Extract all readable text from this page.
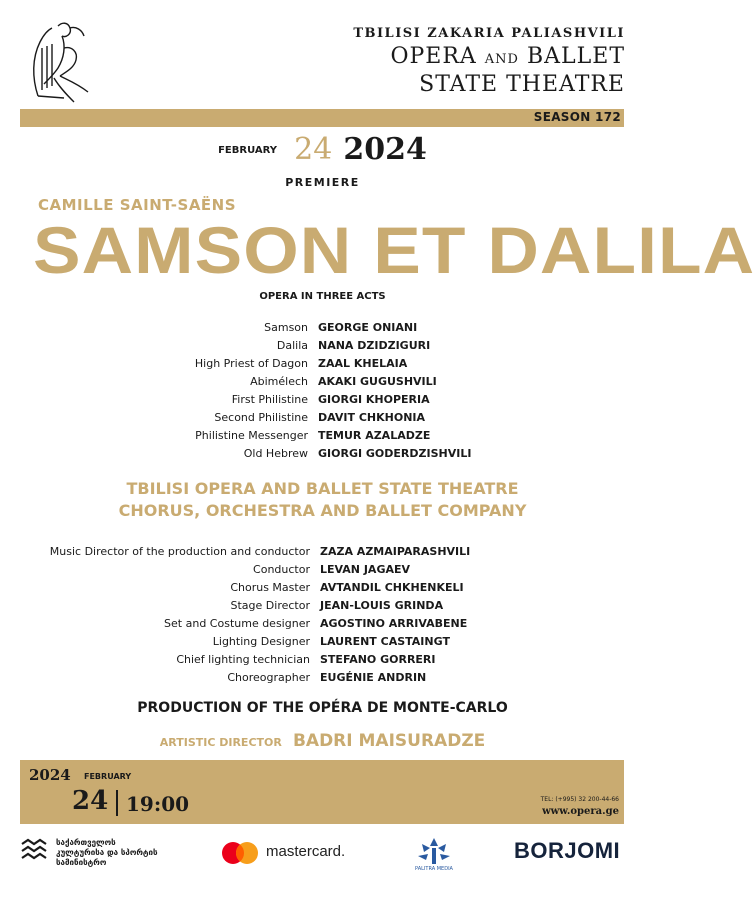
TBILISI ZAKARIA PALIASHVILI
OPERA AND BALLET
STATE THEATRE
SEASON 172
$^{FEBRUARY}$ 24 2024
PREMIERE
CAMILLE SAINT-SAËNS
SAMSON ET DALILA
OPERA IN THREE ACTS
Samson GEORGE ONIANI
Dalila NANA DZIDZIGURI
High Priest of Dagon ZAAL KHELAIA
Abimélech AKAKI GUGUSHVILI
First Philistine GIORGI KHOPERIA
Second Philistine DAVIT CHKHONIA
Philistine Messenger TEMUR AZALADZE
Old Hebrew GIORGI GODERDZISHVILI
TBILISI OPERA AND BALLET STATE THEATRE
CHORUS, ORCHESTRA AND BALLET COMPANY
Music Director of the production and conductor ZAZA AZMAIPARASHVILI
Conductor LEVAN JAGAEV
Chorus Master AVTANDIL CHKHENKELI
Stage Director JEAN-LOUIS GRINDA
Set and Costume designer AGOSTINO ARRIVABENE
Lighting Designer LAURENT CASTAINGT
Chief lighting technician STEFANO GORRERI
Choreographer EUGÉNIE ANDRIN
PRODUCTION OF THE OPÉRA DE MONTE-CARLO
ARTISTIC DIRECTOR BADRI MAISURADZE
2024 FEBRUARY
24 19:00	TEL: (+995) 32 200-44-66
www.opera.ge
საქართველოს
კულტურისა და სპორტის
სამინისტრო
mastercard.
PALITRA MEDIA
BORJOMI
